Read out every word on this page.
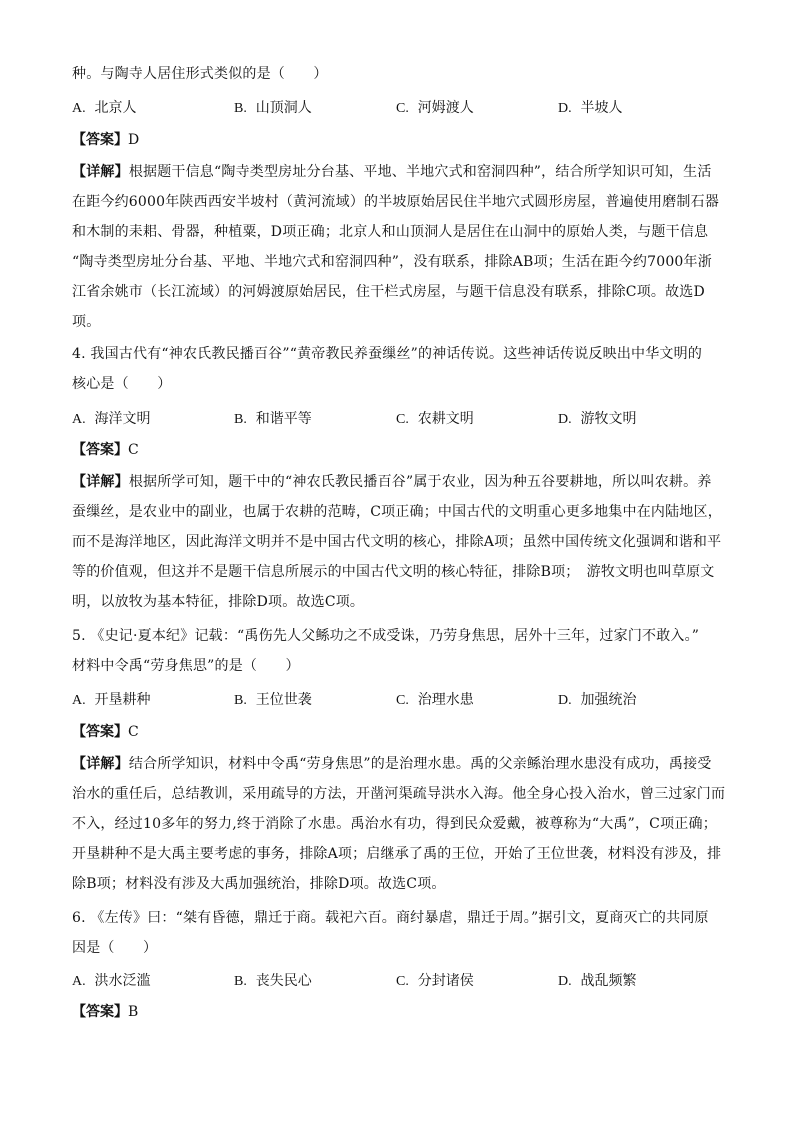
种。与陶寺人居住形式类似的是（　　）
A. 北京人	B. 山顶洞人	C. 河姆渡人	D. 半坡人
【答案】D
【详解】根据题干信息“陶寺类型房址分台基、平地、半地穴式和窑洞四种”，结合所学知识可知，生活
在距今约6000年陕西西安半坡村（黄河流域）的半坡原始居民住半地穴式圆形房屋，普遍使用磨制石器
和木制的耒耜、骨器，种植粟，D项正确；北京人和山顶洞人是居住在山洞中的原始人类，与题干信息
“陶寺类型房址分台基、平地、半地穴式和窑洞四种”，没有联系，排除AB项；生活在距今约7000年浙
江省余姚市（长江流域）的河姆渡原始居民，住干栏式房屋，与题干信息没有联系，排除C项。故选D
项。
4. 我国古代有“神农氏教民播百谷”“黄帝教民养蚕缫丝”的神话传说。这些神话传说反映出中华文明的
核心是（　　）
A. 海洋文明	B. 和谐平等	C. 农耕文明	D. 游牧文明
【答案】C
【详解】根据所学可知，题干中的“神农氏教民播百谷”属于农业，因为种五谷要耕地，所以叫农耕。养
蚕缫丝，是农业中的副业，也属于农耕的范畴，C项正确；中国古代的文明重心更多地集中在内陆地区，
而不是海洋地区，因此海洋文明并不是中国古代文明的核心，排除A项；虽然中国传统文化强调和谐和平
等的价值观，但这并不是题干信息所展示的中国古代文明的核心特征，排除B项；　游牧文明也叫草原文
明，以放牧为基本特征，排除D项。故选C项。
5. 《史记·夏本纪》记载：“禹伤先人父鲧功之不成受诛，乃劳身焦思，居外十三年，过家门不敢入。”
材料中令禹“劳身焦思”的是（　　）
A. 开垦耕种	B. 王位世袭	C. 治理水患	D. 加强统治
【答案】C
【详解】结合所学知识，材料中令禹“劳身焦思”的是治理水患。禹的父亲鲧治理水患没有成功，禹接受
治水的重任后，总结教训，采用疏导的方法，开凿河渠疏导洪水入海。他全身心投入治水，曾三过家门而
不入，经过10多年的努力,终于消除了水患。禹治水有功，得到民众爱戴，被尊称为“大禹”，C项正确；
开垦耕种不是大禹主要考虑的事务，排除A项；启继承了禹的王位，开始了王位世袭，材料没有涉及，排
除B项；材料没有涉及大禹加强统治，排除D项。故选C项。
6. 《左传》曰：“桀有昏德，鼎迁于商。载祀六百。商纣暴虐，鼎迁于周。”据引文，夏商灭亡的共同原
因是（　　）
A. 洪水泛滥	B. 丧失民心	C. 分封诸侯	D. 战乱频繁
【答案】B
